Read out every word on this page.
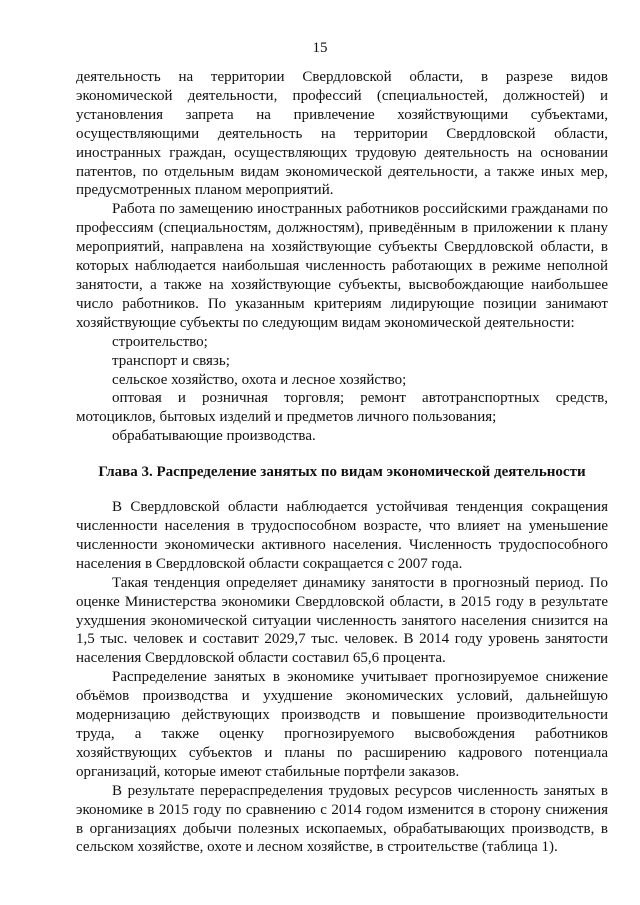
15

деятельность на территории Свердловской области, в разрезе видов экономической деятельности, профессий (специальностей, должностей) и установления запрета на привлечение хозяйствующими субъектами, осуществляющими деятельность на территории Свердловской области, иностранных граждан, осуществляющих трудовую деятельность на основании патентов, по отдельным видам экономической деятельности, а также иных мер, предусмотренных планом мероприятий.

Работа по замещению иностранных работников российскими гражданами по профессиям (специальностям, должностям), приведённым в приложении к плану мероприятий, направлена на хозяйствующие субъекты Свердловской области, в которых наблюдается наибольшая численность работающих в режиме неполной занятости, а также на хозяйствующие субъекты, высвобождающие наибольшее число работников. По указанным критериям лидирующие позиции занимают хозяйствующие субъекты по следующим видам экономической деятельности:

строительство;
транспорт и связь;
сельское хозяйство, охота и лесное хозяйство;
оптовая и розничная торговля; ремонт автотранспортных средств, мотоциклов, бытовых изделий и предметов личного пользования;
обрабатывающие производства.
Глава 3. Распределение занятых по видам экономической деятельности

В Свердловской области наблюдается устойчивая тенденция сокращения численности населения в трудоспособном возрасте, что влияет на уменьшение численности экономически активного населения. Численность трудоспособного населения в Свердловской области сокращается с 2007 года.

Такая тенденция определяет динамику занятости в прогнозный период. По оценке Министерства экономики Свердловской области, в 2015 году в результате ухудшения экономической ситуации численность занятого населения снизится на 1,5 тыс. человек и составит 2029,7 тыс. человек. В 2014 году уровень занятости населения Свердловской области составил 65,6 процента.

Распределение занятых в экономике учитывает прогнозируемое снижение объёмов производства и ухудшение экономических условий, дальнейшую модернизацию действующих производств и повышение производительности труда, а также оценку прогнозируемого высвобождения работников хозяйствующих субъектов и планы по расширению кадрового потенциала организаций, которые имеют стабильные портфели заказов.

В результате перераспределения трудовых ресурсов численность занятых в экономике в 2015 году по сравнению с 2014 годом изменится в сторону снижения в организациях добычи полезных ископаемых, обрабатывающих производств, в сельском хозяйстве, охоте и лесном хозяйстве, в строительстве (таблица 1).
